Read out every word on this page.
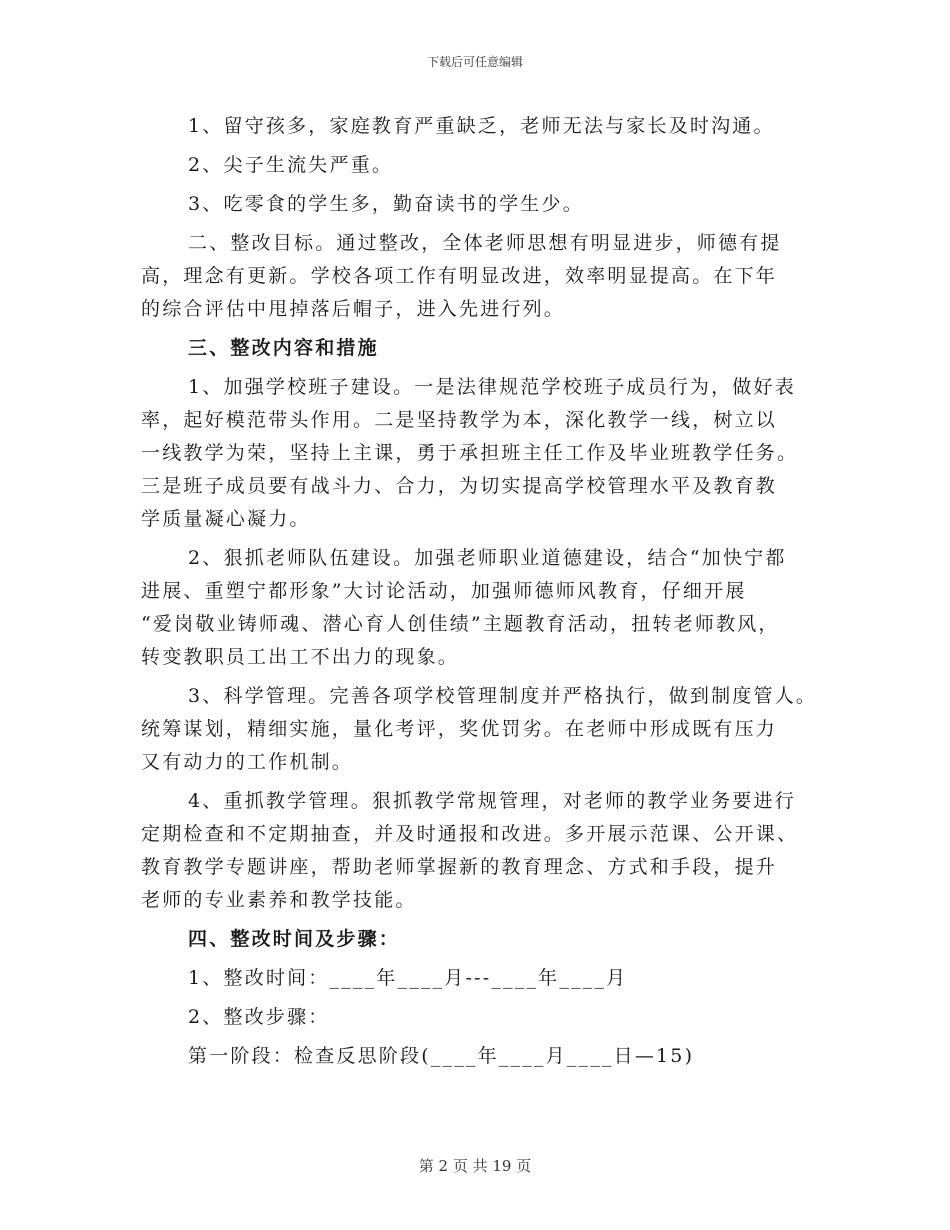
下载后可任意编辑
1、留守孩多，家庭教育严重缺乏，老师无法与家长及时沟通。
2、尖子生流失严重。
3、吃零食的学生多，勤奋读书的学生少。
二、整改目标。通过整改，全体老师思想有明显进步，师德有提
高，理念有更新。学校各项工作有明显改进，效率明显提高。在下年
的综合评估中甩掉落后帽子，进入先进行列。
三、整改内容和措施
1、加强学校班子建设。一是法律规范学校班子成员行为，做好表
率，起好模范带头作用。二是坚持教学为本，深化教学一线，树立以
一线教学为荣，坚持上主课，勇于承担班主任工作及毕业班教学任务。
三是班子成员要有战斗力、合力，为切实提高学校管理水平及教育教
学质量凝心凝力。
2、狠抓老师队伍建设。加强老师职业道德建设，结合“加快宁都
进展、重塑宁都形象”大讨论活动，加强师德师风教育，仔细开展
“爱岗敬业铸师魂、潜心育人创佳绩”主题教育活动，扭转老师教风，
转变教职员工出工不出力的现象。
3、科学管理。完善各项学校管理制度并严格执行，做到制度管人。
统筹谋划，精细实施，量化考评，奖优罚劣。在老师中形成既有压力
又有动力的工作机制。
4、重抓教学管理。狠抓教学常规管理，对老师的教学业务要进行
定期检查和不定期抽查，并及时通报和改进。多开展示范课、公开课、
教育教学专题讲座，帮助老师掌握新的教育理念、方式和手段，提升
老师的专业素养和教学技能。
四、整改时间及步骤：
1、整改时间：____年____月---____年____月
2、整改步骤：
第一阶段：检查反思阶段(____年____月____日—15)
第 2 页 共 19 页
